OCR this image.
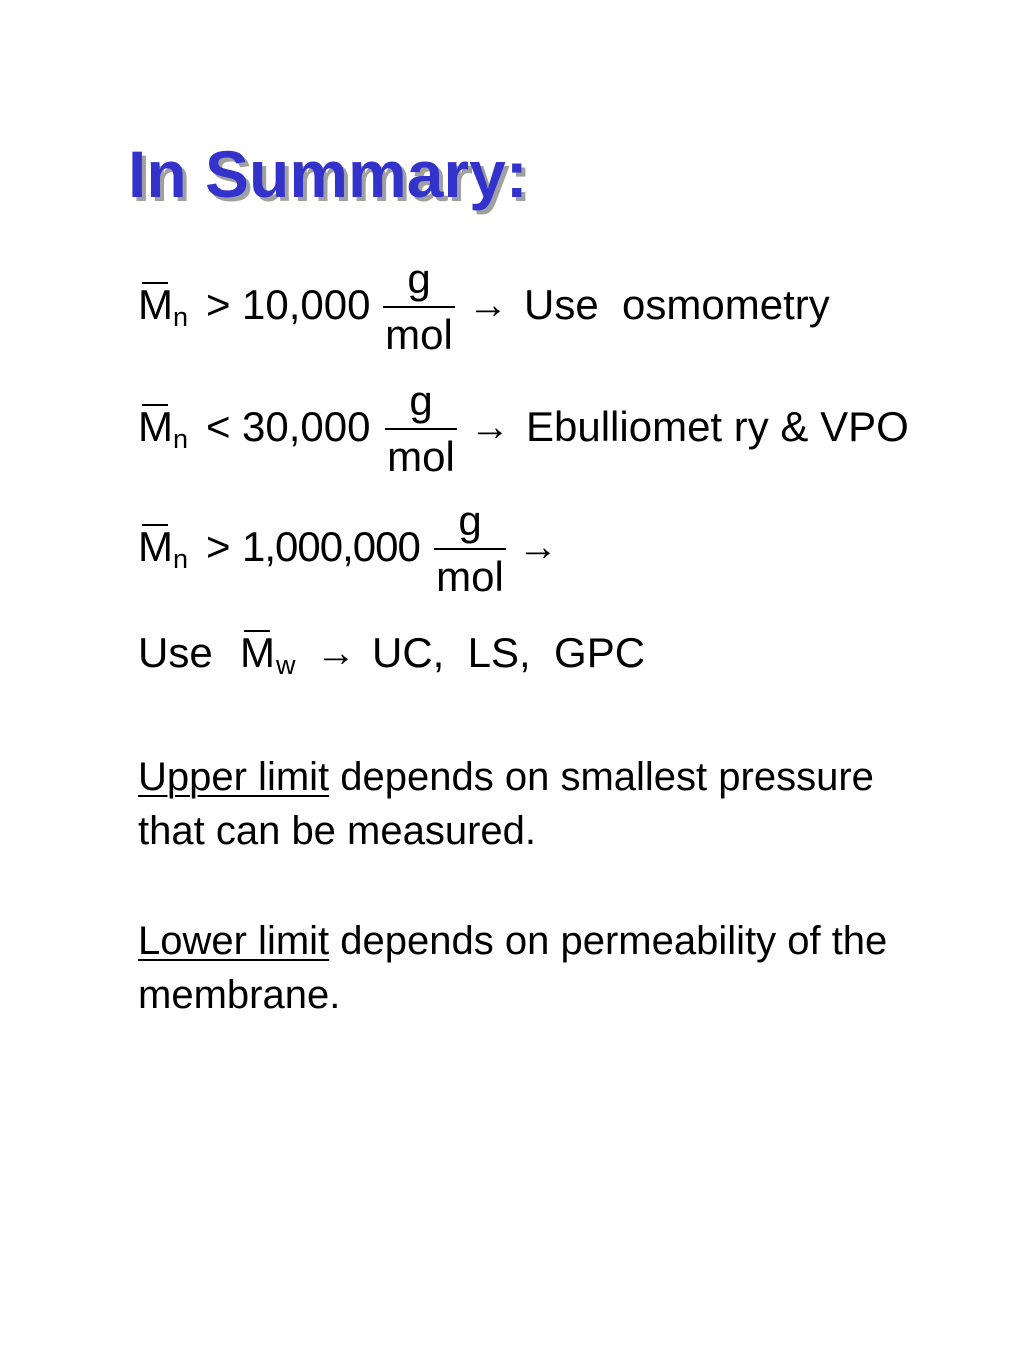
In Summary:
M n > 10,000
g
mol
→ Use  osmometry
M n < 30,000
g
mol
→ Ebulliomet ry & VPO
M n > 1,000,000
g
mol
→
Use M w → UC,  LS,  GPC
Upper limit depends on smallest pressure that can be measured.
Lower limit depends on permeability of the membrane.
